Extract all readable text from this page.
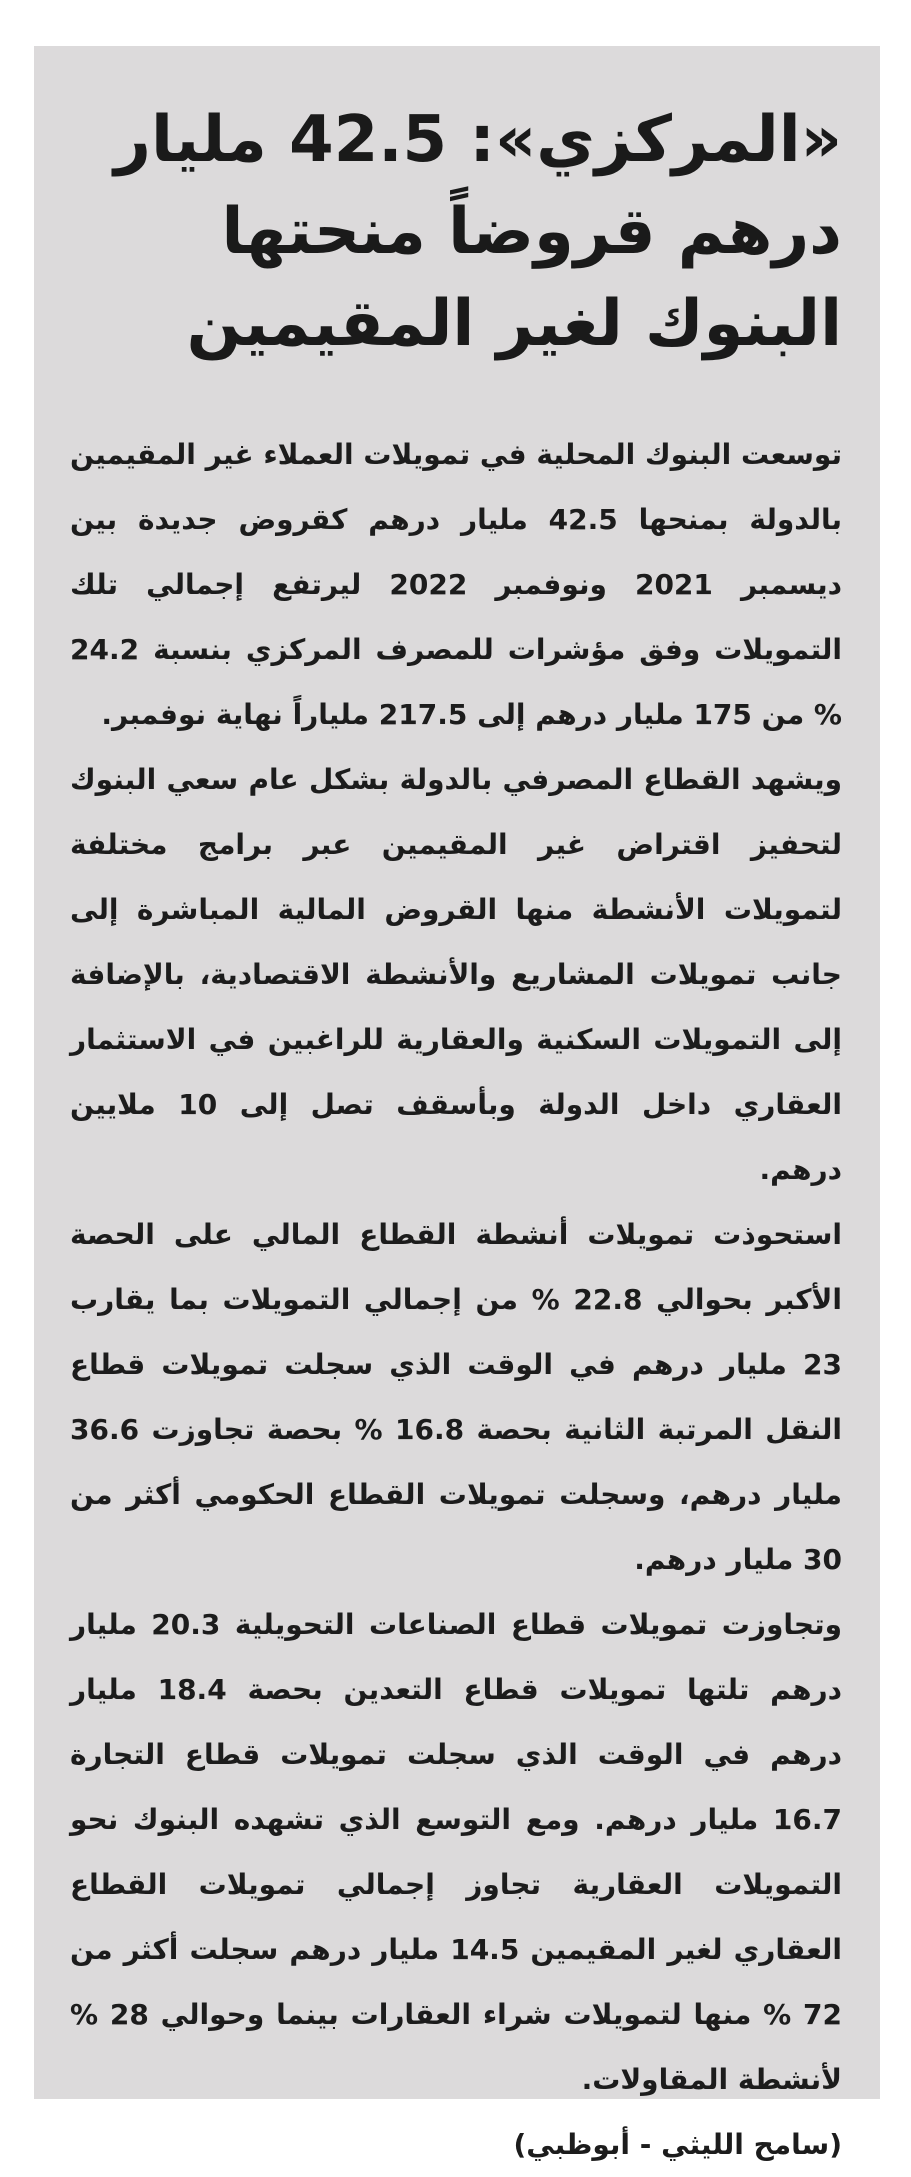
«المركزي»: 42.5 مليار
درهم قروضاً منحتها
البنوك لغير المقيمين

توسعت البنوك المحلية في تمويلات العملاء غير المقيمين بالدولة بمنحها 42.5 مليار درهم كقروض جديدة بين ديسمبر 2021 ونوفمبر 2022 ليرتفع إجمالي تلك التمويلات وفق مؤشرات للمصرف المركزي بنسبة 24.2 % من 175 مليار درهم إلى 217.5 ملياراً نهاية نوفمبر.

ويشهد القطاع المصرفي بالدولة بشكل عام سعي البنوك لتحفيز اقتراض غير المقيمين عبر برامج مختلفة لتمويلات الأنشطة منها القروض المالية المباشرة إلى جانب تمويلات المشاريع والأنشطة الاقتصادية، بالإضافة إلى التمويلات السكنية والعقارية للراغبين في الاستثمار العقاري داخل الدولة وبأسقف تصل إلى 10 ملايين درهم.

استحوذت تمويلات أنشطة القطاع المالي على الحصة الأكبر بحوالي 22.8 % من إجمالي التمويلات بما يقارب 23 مليار درهم في الوقت الذي سجلت تمويلات قطاع النقل المرتبة الثانية بحصة 16.8 % بحصة تجاوزت 36.6 مليار درهم، وسجلت تمويلات القطاع الحكومي أكثر من 30 مليار درهم.

وتجاوزت تمويلات قطاع الصناعات التحويلية 20.3 مليار درهم تلتها تمويلات قطاع التعدين بحصة 18.4 مليار درهم في الوقت الذي سجلت تمويلات قطاع التجارة 16.7 مليار درهم. ومع التوسع الذي تشهده البنوك نحو التمويلات العقارية تجاوز إجمالي تمويلات القطاع العقاري لغير المقيمين 14.5 مليار درهم سجلت أكثر من 72 % منها لتمويلات شراء العقارات بينما وحوالي 28 % لأنشطة المقاولات.

(سامح الليثي - أبوظبي)
